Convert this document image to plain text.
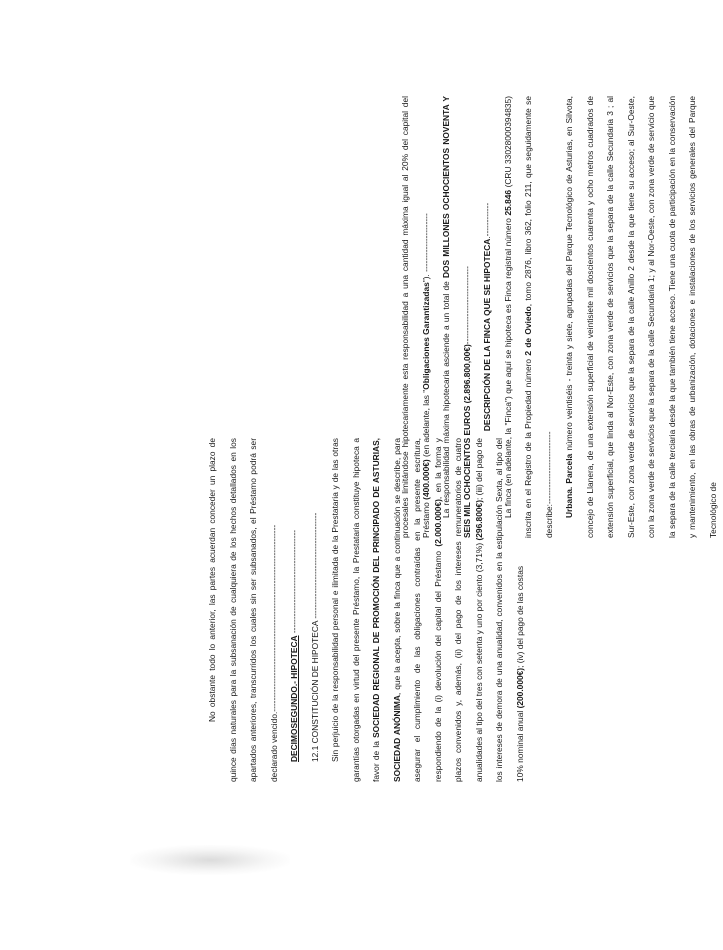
No obstante todo lo anterior, las partes acuerdan conceder un plazo de quince días naturales para la subsanación de cualquiera de los hechos detallados en los apartados anteriores, transcurridos los cuales sin ser subsanados, el Préstamo podrá ser declarado vencido.-------------------------------------------------------------------	DECIMOSEGUNDO.- HIPOTECA -------------------------------------

12.1 CONSTITUCIÓN DE HIPOTECA --------------------------------------	Sin perjuicio de la responsabilidad personal e ilimitada de la Prestataria y de las otras garantías otorgadas en virtud del presente Préstamo, la Prestataria constituye hipoteca a favor de la SOCIEDAD REGIONAL DE PROMOCIÓN DEL PRINCIPADO DE ASTURIAS, SOCIEDAD ANÓNIMA, que la acepta, sobre la finca que a continuación se describe, para asegurar el cumplimiento de las obligaciones contraídas en la presente escritura, respondiendo de la (i) devolución del capital del Préstamo (2.000.000€), en la forma y plazos convenidos y, además, (ii) del pago de los intereses remuneratorios de cuatro anualidades al tipo del tres con setenta y uno por ciento (3,71%) (296.800€); (iii) del pago de los intereses de demora de una anualidad, convenidos en la estipulación Sexta, al tipo del 10% nominal anual (200.000€); (iv) del pago de las costas

procesales limitándose hipotecariamente esta responsabilidad a una cantidad máxima igual al 20% del capital del Préstamo (400.000€) (en adelante, las "Obligaciones Garantizadas"). ---------------------

La responsabilidad máxima hipotecaria asciende a un total de DOS MILLONES OCHOCIENTOS NOVENTA Y SEIS MIL OCHOCIENTOS EUROS (2.896.800,00€)----------------------------	DESCRIPCIÓN DE LA FINCA QUE SE HIPOTECA.------------	La finca (en adelante, la "Finca") que aquí se hipoteca es Finca registral número 25.846 (CRU 33028000394835) inscrita en el Registro de la Propiedad número 2 de Oviedo, tomo 2876, libro 362, folio 211, que seguidamente se describe:--------------------------	Urbana. Parcela número veintiséis - treinta y siete, agrupadas del Parque Tecnológico de Asturias, en Silvota, concejo de Llanera, de una extensión superficial de veintisiete mil doscientos cuarenta y ocho metros cuadrados de extensión superficial, que linda al Nor-Este, con zona verde de servicios que la separa de la calle Secundaria 3 ; al Sur-Este, con zona verde de servicios que la separa de la calle Anillo 2 desde la que tiene su acceso; al Sur-Oeste, con la zona verde de servicios que la separa de la calle Secundaria 1; y al Nor-Oeste, con zona verde de servicio que la separa de la calle terciaria desde la que también tiene acceso. Tiene una cuota de participación en la conservación y mantenimiento, en las obras de urbanización, dotaciones e instalaciones de los servicios generales del Parque Tecnológico de
